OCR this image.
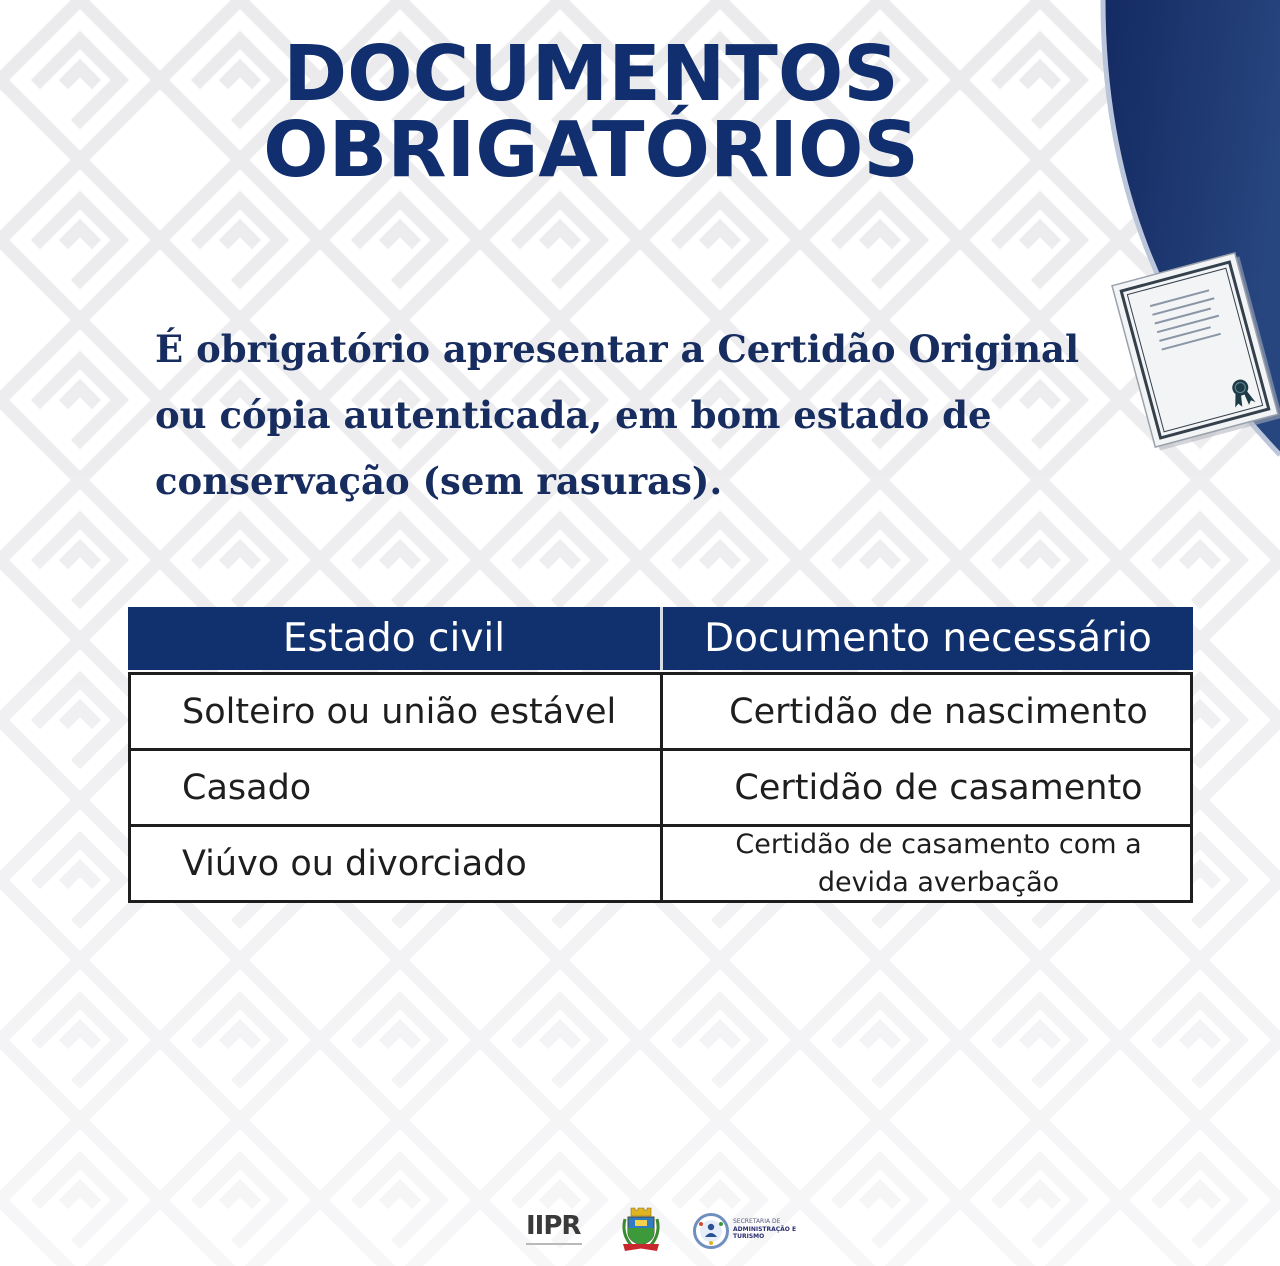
DOCUMENTOS
OBRIGATÓRIOS

É obrigatório apresentar a Certidão Original
ou cópia autenticada, em bom estado de
conservação (sem rasuras).

Estado civil	Documento necessário
Solteiro ou união estável	Certidão de nascimento
Casado	Certidão de casamento
Viúvo ou divorciado	Certidão de casamento com a
devida averbação
IIPR	SECRETARIA DE
ADMINISTRAÇÃO E
TURISMO
